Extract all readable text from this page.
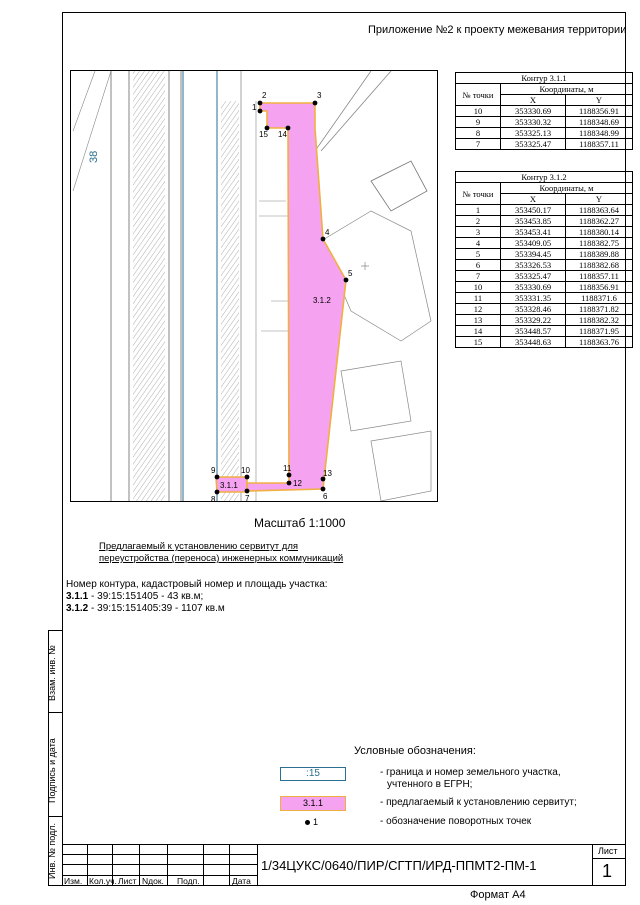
Взам. инв. №
Подпись и дата
Инв. № подл.
Приложение №2 к проекту межевания территории
38
3.1.1
3.1.2
1
2	3
4
5
6
7
8
9	10	11
12
13
14
15
Контур 3.1.1		
№ точки	Координаты, м	
	X	Y
10	353330.69	1188356.91
9	353330.32	1188348.69
8	353325.13	1188348.99
7	353325.47	1188357.11
Контур 3.1.2		
№ точки	Координаты, м	
	X	Y
1	353450.17	1188363.64
2	353453.85	1188362.27
3	353453.41	1188380.14
4	353409.05	1188382.75
5	353394.45	1188389.88
6	353326.53	1188382.68
7	353325.47	1188357.11
10	353330.69	1188356.91
11	353331.35	1188371.6
12	353328.46	1188371.82
13	353329.22	1188382.32
14	353448.57	1188371.95
15	353448.63	1188363.76
Масштаб 1:1000
Предлагаемый к установлению сервитут для
переустройства (переноса) инженерных коммуникаций
Номер контура, кадастровый номер и площадь участка:
3.1.1 - 39:15:151405 - 43 кв.м;
3.1.2 - 39:15:151405:39 - 1107 кв.м
Условные обозначения:
:15	- граница и номер земельного участка,
учтенного в ЕГРН;
3.1.1	- предлагаемый к установлению сервитут;
1	- обозначение поворотных точек
Изм. Кол.уч. Лист Nдок. Подп.	Дата
1/34ЦУКС/0640/ПИР/СГТП/ИРД-ППМТ2-ПМ-1
Лист
1
Формат А4
